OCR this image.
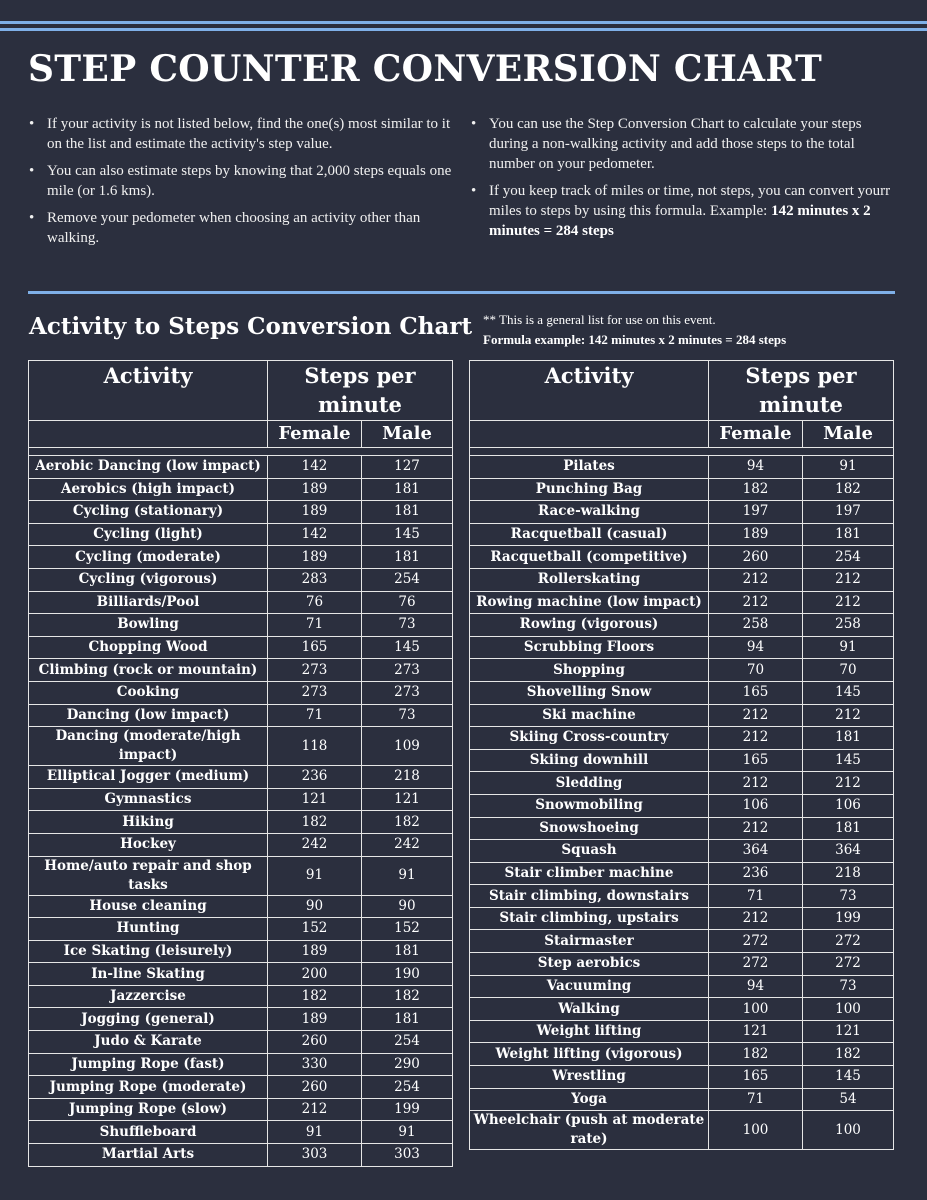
STEP COUNTER CONVERSION CHART
• If your activity is not listed below, find the one(s) most similar to it on the list and estimate the activity's step value.
• You can also estimate steps by knowing that 2,000 steps equals one mile (or 1.6 kms).
• Remove your pedometer when choosing an activity other than walking.
• You can use the Step Conversion Chart to calculate your steps during a non-walking activity and add those steps to the total number on your pedometer.
• If you keep track of miles or time, not steps, you can convert yourr miles to steps by using this formula. Example: 142 minutes x 2 minutes = 284 steps
Activity to Steps Conversion Chart ** This is a general list for use on this event.
Formula example: 142 minutes x 2 minutes = 284 steps
Activity	Steps per minute	
	Female	Male

Aerobic Dancing (low impact)	142	127
Aerobics (high impact)	189	181
Cycling (stationary)	189	181
Cycling (light)	142	145
Cycling (moderate)	189	181
Cycling (vigorous)	283	254
Billiards/Pool	76	76
Bowling	71	73
Chopping Wood	165	145
Climbing (rock or mountain)	273	273
Cooking	273	273
Dancing (low impact)	71	73
Dancing (moderate/high impact)	118	109
Elliptical Jogger (medium)	236	218
Gymnastics	121	121
Hiking	182	182
Hockey	242	242
Home/auto repair and shop tasks	91	91
House cleaning	90	90
Hunting	152	152
Ice Skating (leisurely)	189	181
In-line Skating	200	190
Jazzercise	182	182
Jogging (general)	189	181
Judo & Karate	260	254
Jumping Rope (fast)	330	290
Jumping Rope (moderate)	260	254
Jumping Rope (slow)	212	199
Shuffleboard	91	91
Martial Arts	303	303
Activity	Steps per minute	
	Female	Male

Pilates	94	91
Punching Bag	182	182
Race-walking	197	197
Racquetball (casual)	189	181
Racquetball (competitive)	260	254
Rollerskating	212	212
Rowing machine (low impact)	212	212
Rowing (vigorous)	258	258
Scrubbing Floors	94	91
Shopping	70	70
Shovelling Snow	165	145
Ski machine	212	212
Skiing Cross-country	212	181
Skiing downhill	165	145
Sledding	212	212
Snowmobiling	106	106
Snowshoeing	212	181
Squash	364	364
Stair climber machine	236	218
Stair climbing, downstairs	71	73
Stair climbing, upstairs	212	199
Stairmaster	272	272
Step aerobics	272	272
Vacuuming	94	73
Walking	100	100
Weight lifting	121	121
Weight lifting (vigorous)	182	182
Wrestling	165	145
Yoga	71	54
Wheelchair (push at moderate rate)	100	100
